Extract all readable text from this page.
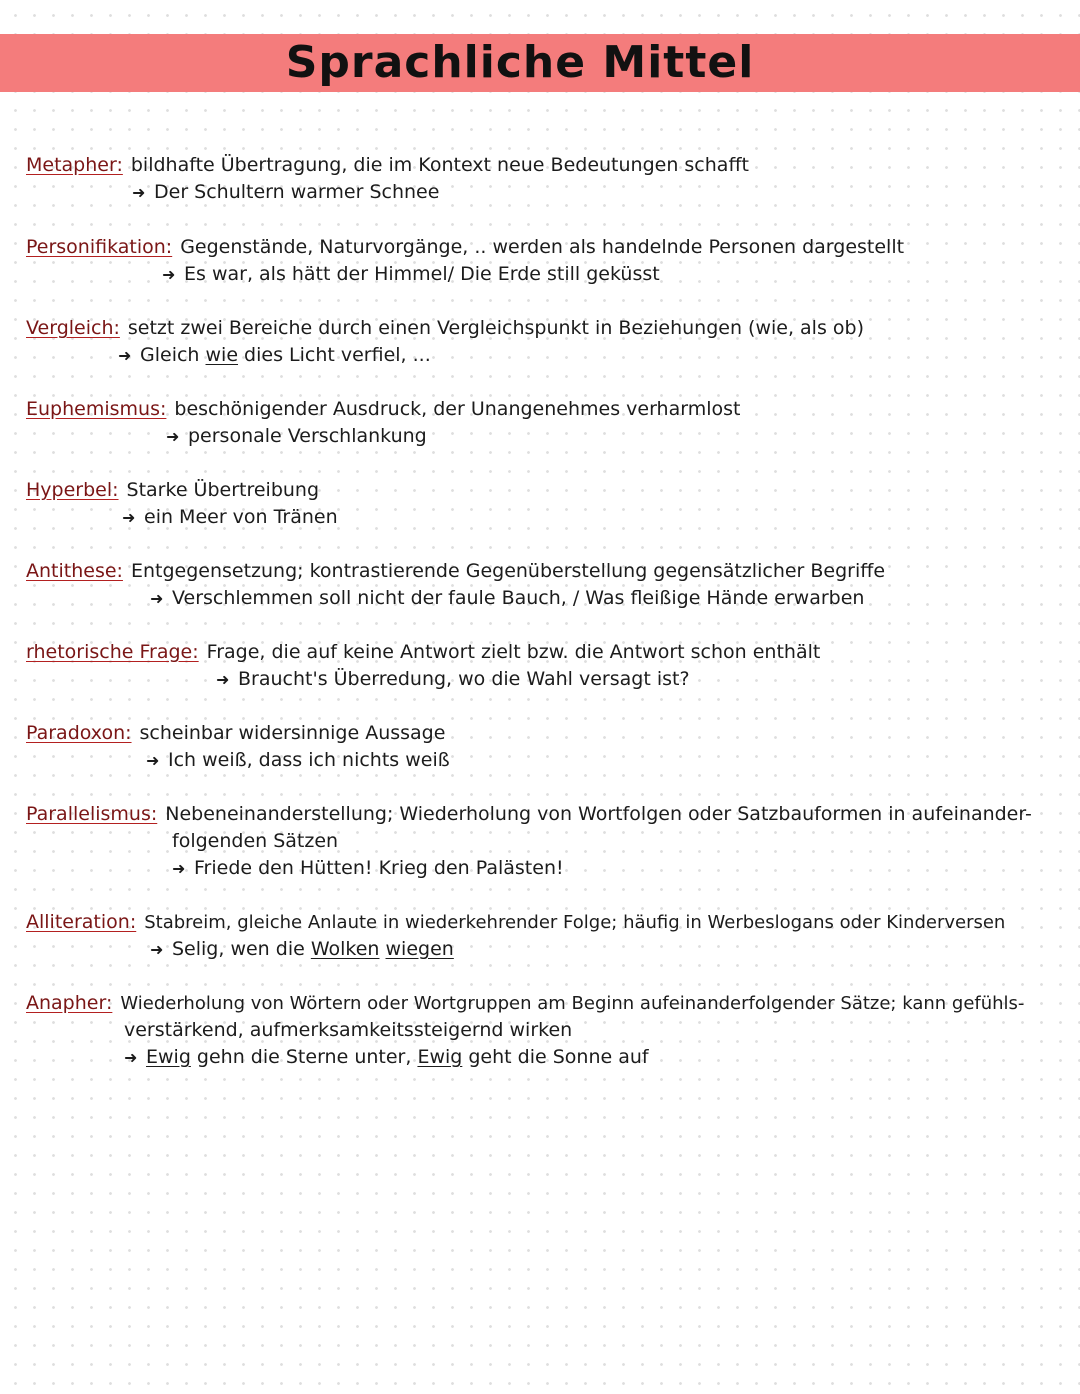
Sprachliche Mittel
Metapher: bildhafte Übertragung, die im Kontext neue Bedeutungen schafft
➜ Der Schultern warmer Schnee
Personifikation: Gegenstände, Naturvorgänge, .. werden als handelnde Personen dargestellt
➜ Es war, als hätt der Himmel/ Die Erde still geküsst
Vergleich: setzt zwei Bereiche durch einen Vergleichspunkt in Beziehungen (wie, als ob)
➜ Gleich wie dies Licht verfiel, ...
Euphemismus: beschönigender Ausdruck, der Unangenehmes verharmlost
➜ personale Verschlankung
Hyperbel: Starke Übertreibung
➜ ein Meer von Tränen
Antithese: Entgegensetzung; kontrastierende Gegenüberstellung gegensätzlicher Begriffe
➜ Verschlemmen soll nicht der faule Bauch, / Was fleißige Hände erwarben
rhetorische Frage: Frage, die auf keine Antwort zielt bzw. die Antwort schon enthält
➜ Braucht's Überredung, wo die Wahl versagt ist?
Paradoxon: scheinbar widersinnige Aussage
➜ Ich weiß, dass ich nichts weiß
Parallelismus: Nebeneinanderstellung; Wiederholung von Wortfolgen oder Satzbauformen in aufeinander-
folgenden Sätzen
➜ Friede den Hütten! Krieg den Palästen!
Alliteration: Stabreim, gleiche Anlaute in wiederkehrender Folge; häufig in Werbeslogans oder Kinderversen
➜ Selig, wen die Wolken wiegen
Anapher: Wiederholung von Wörtern oder Wortgruppen am Beginn aufeinanderfolgender Sätze; kann gefühls-
verstärkend, aufmerksamkeitssteigernd wirken
➜ Ewig gehn die Sterne unter, Ewig geht die Sonne auf
